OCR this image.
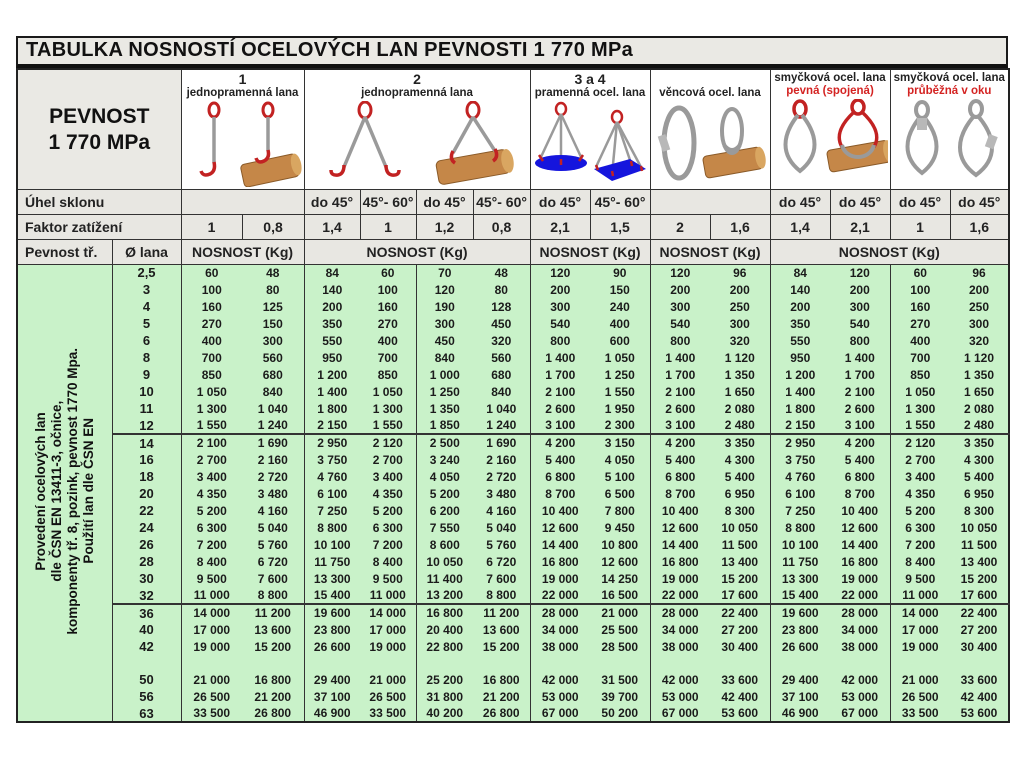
TABULKA NOSNOSTÍ OCELOVÝCH LAN PEVNOSTI 1 770 MPa
PEVNOST
1 770 MPa

1
jednopramenná lana

2
jednopramenná lana

3 a 4
pramenná ocel. lana	věncová ocel. lana

smyčková ocel. lana
pevná (spojená)

smyčková ocel. lana
průběžná v oku

Úhel sklonu				do 45°	45°- 60°	do 45°	45°- 60°	do 45°	45°- 60°			do 45°	do 45°	do 45°	do 45°
Faktor zatížení		1	0,8	1,4	1	1,2	0,8	2,1	1,5	2	1,6	1,4	2,1	1	1,6
Pevnost tř.	Ø lana	NOSNOST (Kg)		NOSNOST (Kg)				NOSNOST (Kg)		NOSNOST (Kg)		NOSNOST (Kg)			

Provedení ocelových lan dle ČSN EN 13411-3, očnice, komponenty tř. 8, pozink, pevnost 1770 Mpa. Použití lan dle ČSN EN	2,5	60	48	84	60	70	48	120	90	120	96	84	120	60	96
	3	100	80	140	100	120	80	200	150	200	200	140	200	100	200
	4	160	125	200	160	190	128	300	240	300	250	200	300	160	250
	5	270	150	350	270	300	450	540	400	540	300	350	540	270	300
	6	400	300	550	400	450	320	800	600	800	320	550	800	400	320
	8	700	560	950	700	840	560	1 400	1 050	1 400	1 120	950	1 400	700	1 120
	9	850	680	1 200	850	1 000	680	1 700	1 250	1 700	1 350	1 200	1 700	850	1 350
	10	1 050	840	1 400	1 050	1 250	840	2 100	1 550	2 100	1 650	1 400	2 100	1 050	1 650
	11	1 300	1 040	1 800	1 300	1 350	1 040	2 600	1 950	2 600	2 080	1 800	2 600	1 300	2 080
	12	1 550	1 240	2 150	1 550	1 850	1 240	3 100	2 300	3 100	2 480	2 150	3 100	1 550	2 480
	14	2 100	1 690	2 950	2 120	2 500	1 690	4 200	3 150	4 200	3 350	2 950	4 200	2 120	3 350
	16	2 700	2 160	3 750	2 700	3 240	2 160	5 400	4 050	5 400	4 300	3 750	5 400	2 700	4 300
	18	3 400	2 720	4 760	3 400	4 050	2 720	6 800	5 100	6 800	5 400	4 760	6 800	3 400	5 400
	20	4 350	3 480	6 100	4 350	5 200	3 480	8 700	6 500	8 700	6 950	6 100	8 700	4 350	6 950
	22	5 200	4 160	7 250	5 200	6 200	4 160	10 400	7 800	10 400	8 300	7 250	10 400	5 200	8 300
	24	6 300	5 040	8 800	6 300	7 550	5 040	12 600	9 450	12 600	10 050	8 800	12 600	6 300	10 050
	26	7 200	5 760	10 100	7 200	8 600	5 760	14 400	10 800	14 400	11 500	10 100	14 400	7 200	11 500
	28	8 400	6 720	11 750	8 400	10 050	6 720	16 800	12 600	16 800	13 400	11 750	16 800	8 400	13 400
	30	9 500	7 600	13 300	9 500	11 400	7 600	19 000	14 250	19 000	15 200	13 300	19 000	9 500	15 200
	32	11 000	8 800	15 400	11 000	13 200	8 800	22 000	16 500	22 000	17 600	15 400	22 000	11 000	17 600
	36	14 000	11 200	19 600	14 000	16 800	11 200	28 000	21 000	28 000	22 400	19 600	28 000	14 000	22 400
	40	17 000	13 600	23 800	17 000	20 400	13 600	34 000	25 500	34 000	27 200	23 800	34 000	17 000	27 200
	42	19 000	15 200	26 600	19 000	22 800	15 200	38 000	28 500	38 000	30 400	26 600	38 000	19 000	30 400

	50	21 000	16 800	29 400	21 000	25 200	16 800	42 000	31 500	42 000	33 600	29 400	42 000	21 000	33 600
	56	26 500	21 200	37 100	26 500	31 800	21 200	53 000	39 700	53 000	42 400	37 100	53 000	26 500	42 400
	63	33 500	26 800	46 900	33 500	40 200	26 800	67 000	50 200	67 000	53 600	46 900	67 000	33 500	53 600
